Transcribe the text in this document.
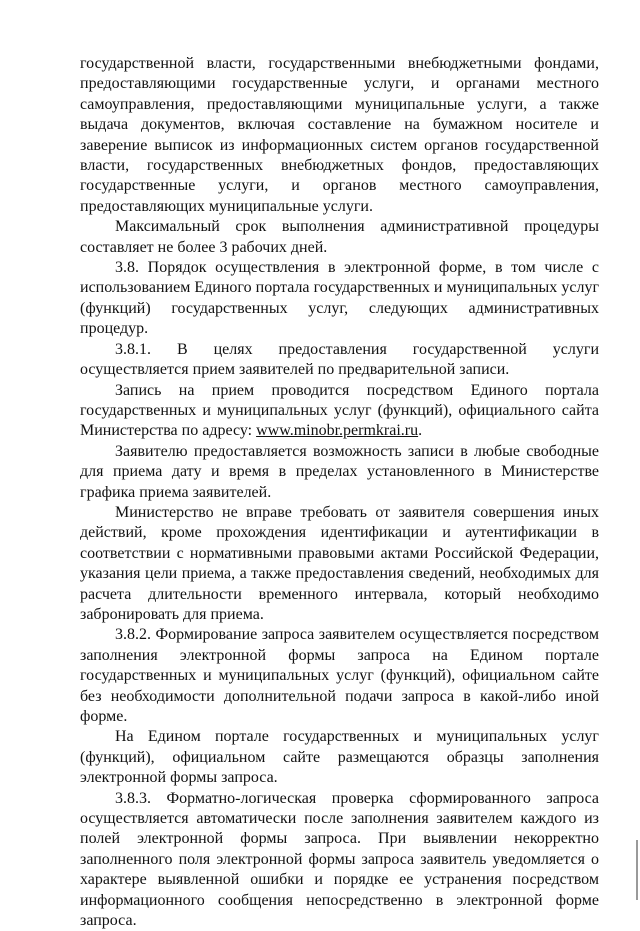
государственной власти, государственными внебюджетными фондами, предоставляющими государственные услуги, и органами местного самоуправления, предоставляющими муниципальные услуги, а также выдача документов, включая составление на бумажном носителе и заверение выписок из информационных систем органов государственной власти, государственных внебюджетных фондов, предоставляющих государственные услуги, и органов местного самоуправления, предоставляющих муниципальные услуги.

Максимальный срок выполнения административной процедуры составляет не более 3 рабочих дней.

3.8. Порядок осуществления в электронной форме, в том числе с использованием Единого портала государственных и муниципальных услуг (функций) государственных услуг, следующих административных процедур.

3.8.1. В целях предоставления государственной услуги осуществляется прием заявителей по предварительной записи.

Запись на прием проводится посредством Единого портала государственных и муниципальных услуг (функций), официального сайта Министерства по адресу: www.minobr.permkrai.ru.

Заявителю предоставляется возможность записи в любые свободные для приема дату и время в пределах установленного в Министерстве графика приема заявителей.

Министерство не вправе требовать от заявителя совершения иных действий, кроме прохождения идентификации и аутентификации в соответствии с нормативными правовыми актами Российской Федерации, указания цели приема, а также предоставления сведений, необходимых для расчета длительности временного интервала, который необходимо забронировать для приема.

3.8.2. Формирование запроса заявителем осуществляется посредством заполнения электронной формы запроса на Едином портале государственных и муниципальных услуг (функций), официальном сайте без необходимости дополнительной подачи запроса в какой-либо иной форме.

На Едином портале государственных и муниципальных услуг (функций), официальном сайте размещаются образцы заполнения электронной формы запроса.

3.8.3. Форматно-логическая проверка сформированного запроса осуществляется автоматически после заполнения заявителем каждого из полей электронной формы запроса. При выявлении некорректно заполненного поля электронной формы запроса заявитель уведомляется о характере выявленной ошибки и порядке ее устранения посредством информационного сообщения непосредственно в электронной форме запроса.
